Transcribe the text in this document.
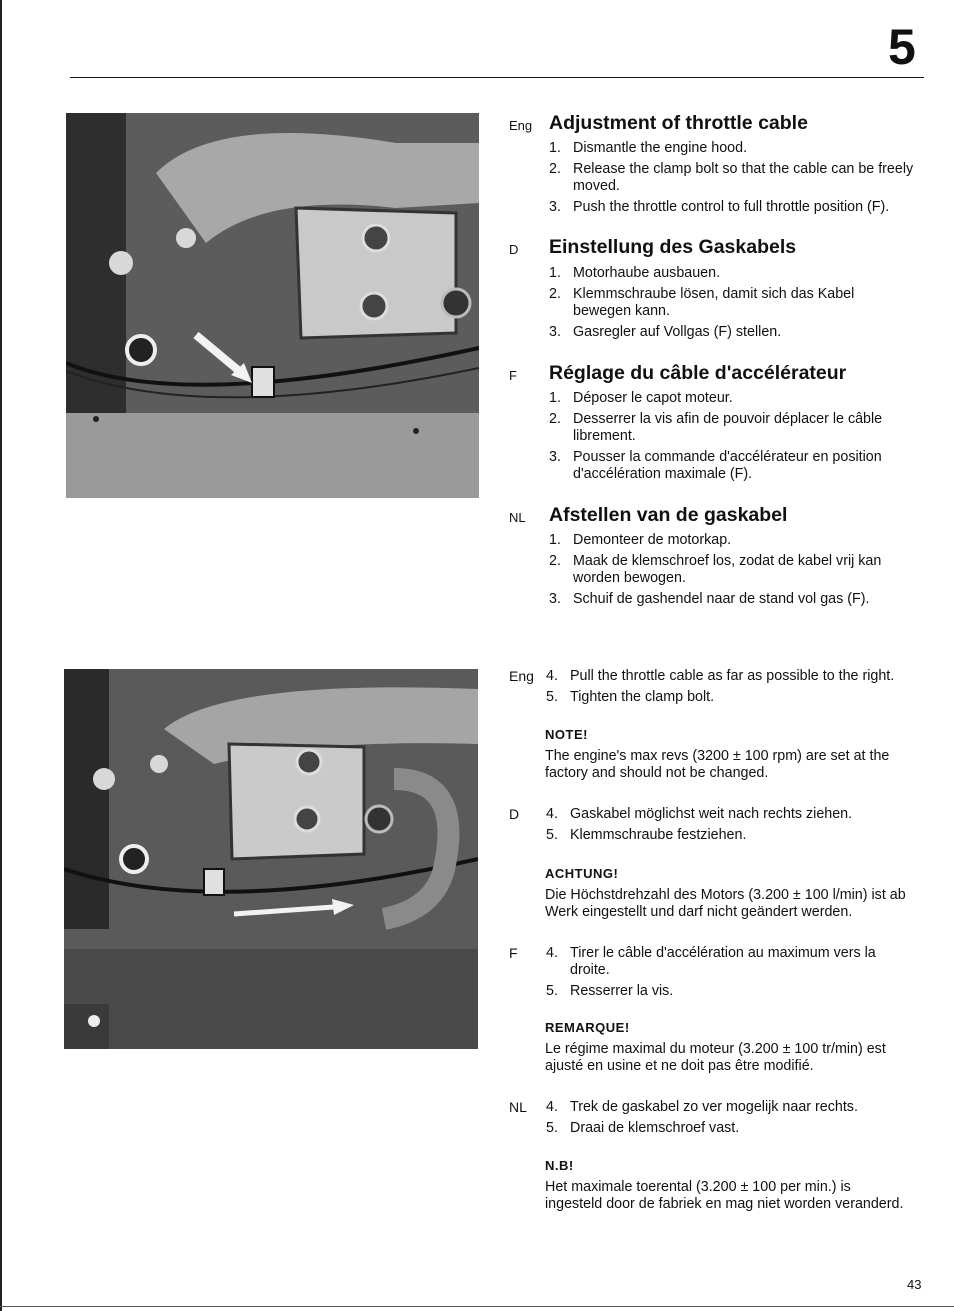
5
Eng Adjustment of throttle cable
1. Dismantle the engine hood.
2. Release the clamp bolt so that the cable can be freely moved.
3. Push the throttle control to full throttle position (F).
D Einstellung des Gaskabels
1. Motorhaube ausbauen.
2. Klemmschraube lösen, damit sich das Kabel bewegen kann.
3. Gasregler auf Vollgas (F) stellen.
F Réglage du câble d'accélérateur
1. Déposer le capot moteur.
2. Desserrer la vis afin de pouvoir déplacer le câble librement.
3. Pousser la commande d'accélérateur en position d'accélération maximale (F).
NL Afstellen van de gaskabel
1. Demonteer de motorkap.
2. Maak de klemschroef los, zodat de kabel vrij kan worden bewogen.
3. Schuif de gashendel naar de stand vol gas (F).
Eng 4. Pull the throttle cable as far as possible to the right.
5. Tighten the clamp bolt.
NOTE!
The engine's max revs (3200 ± 100 rpm) are set at the factory and should not be changed.
D 4. Gaskabel möglichst weit nach rechts ziehen.
5. Klemmschraube festziehen.
ACHTUNG!
Die Höchstdrehzahl des Motors (3.200 ± 100 l/min) ist ab Werk eingestellt und darf nicht geändert werden.
F 4. Tirer le câble d'accélération au maximum vers la droite.
5. Resserrer la vis.
REMARQUE!
Le régime maximal du moteur (3.200 ± 100 tr/min) est ajusté en usine et ne doit pas être modifié.
NL 4. Trek de gaskabel zo ver mogelijk naar rechts.
5. Draai de klemschroef vast.
N.B!
Het maximale toerental (3.200 ± 100 per min.) is ingesteld door de fabriek en mag niet worden veranderd.
43
